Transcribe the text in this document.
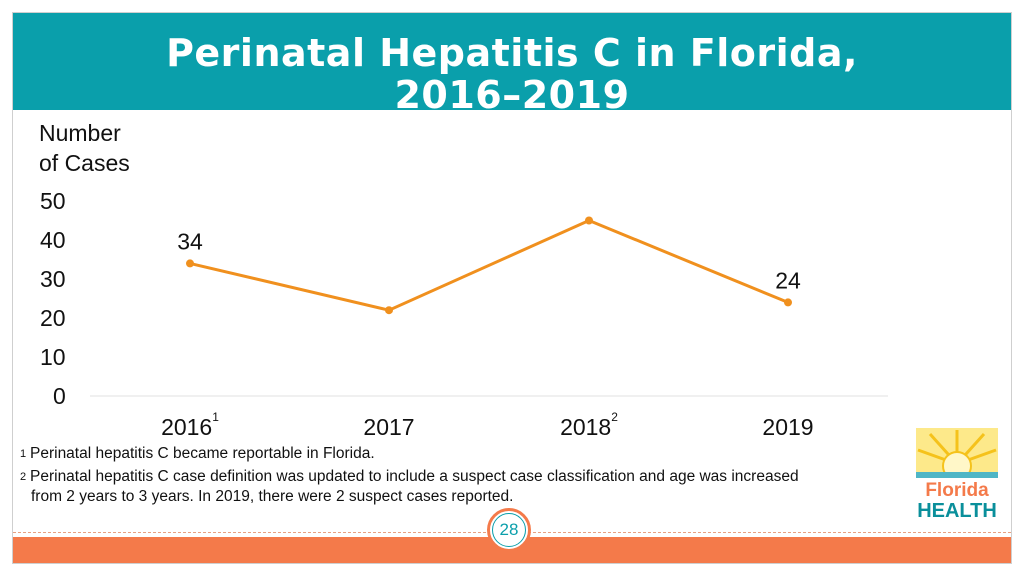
Perinatal Hepatitis C in Florida,
2016–2019
Number
of Cases
50
40
30
20
10
0
34
24
2016$^1$	2017	2018$^2$	2019
1 Perinatal hepatitis C became reportable in Florida.
2 Perinatal hepatitis C case definition was updated to include a suspect case classification and age was increased
from 2 years to 3 years. In 2019, there were 2 suspect cases reported.	Florida
HEALTH
28
